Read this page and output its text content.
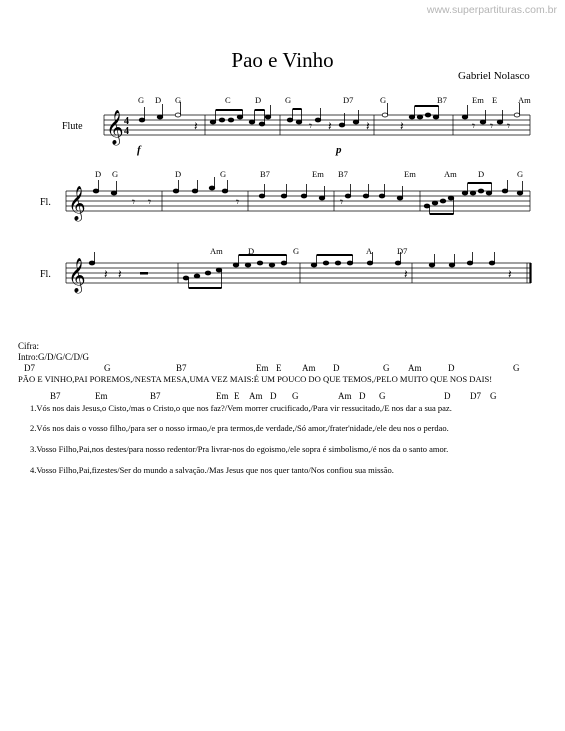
www.superpartituras.com.br
Pao e Vinho
Gabriel Nolasco
𝄞 4
4
Flute
G D G	C	D	G	D7	G	B7	Em E Am
𝄽	𝄾 𝄽	𝄽	𝄽	𝄾 𝄾 𝄾
f	p
𝄞
Fl.
D G	D	G	B7	Em B7	Em	Am	D	G
𝄾 𝄾	𝄾	𝄾
𝄞
Fl.
Am	D	G	A	D7
𝄽 𝄽	𝄽	𝄽
Cifra:
Intro:G/D/G/C/D/G
D7	G	B7	Em E Am D	G Am	D	G
PÃO E VINHO,PAI POREMOS,/NESTA MESA,UMA VEZ MAIS:É UM POUCO DO QUE TEMOS,/PELO MUITO QUE NOS DAIS!
B7	Em	B7	Em E Am D G	Am D G	D D7 G
1.Vós nos dais Jesus,o Cisto,/mas o Cristo,o que nos faz?/Vem morrer crucificado,/Para vir ressucitado,/E nos dar a sua paz.
2.Vós nos dais o vosso filho,/para ser o nosso irmao,/e pra termos,de verdade,/Só amor,/frater'nidade,/ele deu nos o perdao.
3.Vosso Filho,Pai,nos destes/para nosso redentor/Pra livrar-nos do egoismo,/ele sopra é simbolismo,/é nos da o santo amor.
4.Vosso Filho,Pai,fizestes/Ser do mundo a salvação./Mas Jesus que nos quer tanto/Nos confiou sua missão.
